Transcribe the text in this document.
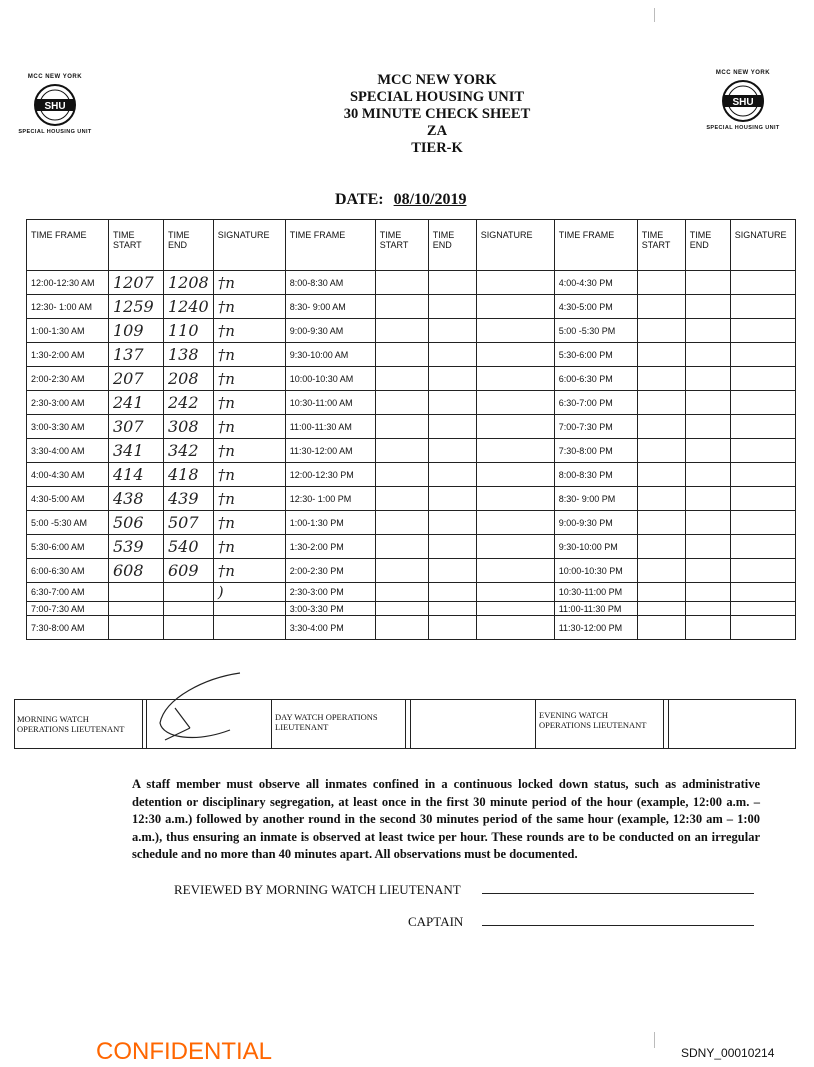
MCC NEW YORK
SHU
SPECIAL HOUSING UNIT
MCC NEW YORK
SHU
SPECIAL HOUSING UNIT
MCC NEW YORK
SPECIAL HOUSING UNIT
30 MINUTE CHECK SHEET
ZA
TIER-K
DATE: 08/10/2019
TIME FRAME	TIME START	TIME END	SIGNATURE	TIME FRAME	TIME START	TIME END	SIGNATURE	TIME FRAME	TIME START	TIME END	SIGNATURE
12:00-12:30 AM	1207	1208	†n	8:00-8:30 AM				4:00-4:30 PM			
12:30- 1:00 AM	1259	1240	†n	8:30- 9:00 AM				4:30-5:00 PM			
1:00-1:30 AM	109	110	†n	9:00-9:30 AM				5:00 -5:30 PM			
1:30-2:00 AM	137	138	†n	9:30-10:00 AM				5:30-6:00 PM			
2:00-2:30 AM	207	208	†n	10:00-10:30 AM				6:00-6:30 PM			
2:30-3:00 AM	241	242	†n	10:30-11:00 AM				6:30-7:00 PM			
3:00-3:30 AM	307	308	†n	11:00-11:30 AM				7:00-7:30 PM			
3:30-4:00 AM	341	342	†n	11:30-12:00 AM				7:30-8:00 PM			
4:00-4:30 AM	414	418	†n	12:00-12:30 PM				8:00-8:30 PM			
4:30-5:00 AM	438	439	†n	12:30- 1:00 PM				8:30- 9:00 PM			
5:00 -5:30 AM	506	507	†n	1:00-1:30 PM				9:00-9:30 PM			
5:30-6:00 AM	539	540	†n	1:30-2:00 PM				9:30-10:00 PM			
6:00-6:30 AM	608	609	†n	2:00-2:30 PM				10:00-10:30 PM			
6:30-7:00 AM			)	2:30-3:00 PM				10:30-11:00 PM			
7:00-7:30 AM				3:00-3:30 PM				11:00-11:30 PM			
7:30-8:00 AM				3:30-4:00 PM				11:30-12:00 PM			
MORNING WATCH OPERATIONS LIEUTENANT
DAY WATCH OPERATIONS LIEUTENANT
EVENING WATCH OPERATIONS LIEUTENANT
A staff member must observe all inmates confined in a continuous locked down status, such as administrative detention or disciplinary segregation, at least once in the first 30 minute period of the hour (example, 12:00 a.m. – 12:30 a.m.) followed by another round in the second 30 minutes period of the same hour (example, 12:30 am – 1:00 a.m.), thus ensuring an inmate is observed at least twice per hour. These rounds are to be conducted on an irregular schedule and no more than 40 minutes apart. All observations must be documented.
REVIEWED BY MORNING WATCH LIEUTENANT
CAPTAIN
CONFIDENTIAL	SDNY_00010214
